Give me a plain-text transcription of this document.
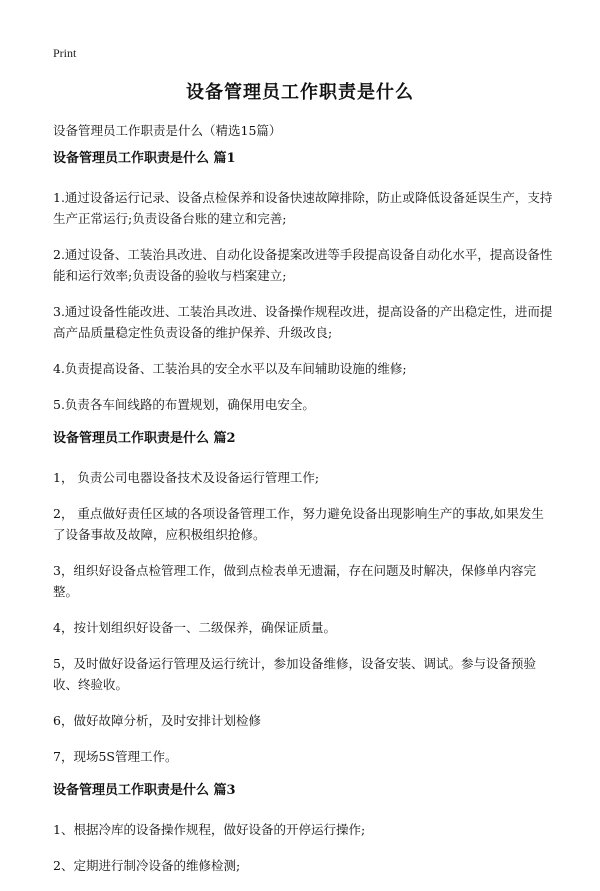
Print
设备管理员工作职责是什么
设备管理员工作职责是什么（精选15篇）
设备管理员工作职责是什么 篇1

1.通过设备运行记录、设备点检保养和设备快速故障排除，防止或降低设备延误生产，支持生产正常运行;负责设备台账的建立和完善;

2.通过设备、工装治具改进、自动化设备提案改进等手段提高设备自动化水平，提高设备性能和运行效率;负责设备的验收与档案建立;

3.通过设备性能改进、工装治具改进、设备操作规程改进，提高设备的产出稳定性，进而提高产品质量稳定性负责设备的维护保养、升级改良;

4.负责提高设备、工装治具的安全水平以及车间辅助设施的维修;

5.负责各车间线路的布置规划，确保用电安全。

设备管理员工作职责是什么 篇2

1， 负责公司电器设备技术及设备运行管理工作;

2， 重点做好责任区域的各项设备管理工作，努力避免设备出现影响生产的事故,如果发生了设备事故及故障，应积极组织抢修。

3，组织好设备点检管理工作，做到点检表单无遗漏，存在问题及时解决，保修单内容完整。

4，按计划组织好设备一、二级保养，确保证质量。

5，及时做好设备运行管理及运行统计，参加设备维修，设备安装、调试。参与设备预验收、终验收。

6，做好故障分析，及时安排计划检修

7，现场5S管理工作。

设备管理员工作职责是什么 篇3

1、根据冷库的设备操作规程，做好设备的开停运行操作;

2、定期进行制冷设备的维修检测;
